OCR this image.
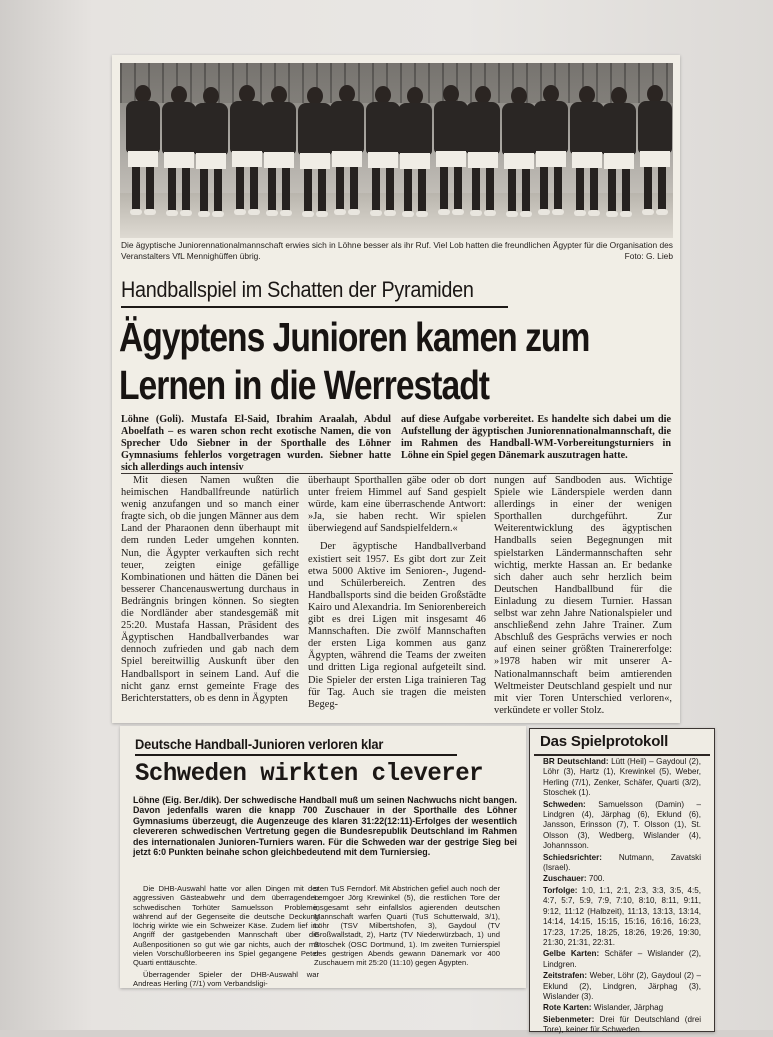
Die ägyptische Juniorennationalmannschaft erwies sich in Löhne besser als ihr Ruf. Viel Lob hatten die freundlichen Ägypter für die Organisation des Veranstalters VfL Mennighüffen übrig.	Foto: G. Lieb
Handballspiel im Schatten der Pyramiden
Ägyptens Junioren kamen zum
Lernen in die Werrestadt
Löhne (Goli). Mustafa El-Said, Ibrahim Araalah, Abdul Aboelfath – es waren schon recht exotische Namen, die von Sprecher Udo Siebner in der Sporthalle des Löhner Gymnasiums fehlerlos vorgetragen wurden. Siebner hatte sich allerdings auch intensiv
auf diese Aufgabe vorbereitet. Es handelte sich dabei um die Aufstellung der ägyptischen Juniorennationalmannschaft, die im Rahmen des Handball-WM-Vorbereitungsturniers in Löhne ein Spiel gegen Dänemark auszutragen hatte.

Mit diesen Namen wußten die heimischen Handballfreunde natürlich wenig anzufangen und so manch einer fragte sich, ob die jungen Männer aus dem Land der Pharaonen denn überhaupt mit dem runden Leder umgehen konnten. Nun, die Ägypter verkauften sich recht teuer, zeigten einige gefällige Kombinationen und hätten die Dänen bei besserer Chancenauswertung durchaus in Bedrängnis bringen können. So siegten die Nordländer aber standesgemäß mit 25:20. Mustafa Hassan, Präsident des Ägyptischen Handballverbandes war dennoch zufrieden und gab nach dem Spiel bereitwillig Auskunft über den Handballsport in seinem Land. Auf die nicht ganz ernst gemeinte Frage des Berichterstatters, ob es denn in Ägypten

überhaupt Sporthallen gäbe oder ob dort unter freiem Himmel auf Sand gespielt würde, kam eine überraschende Antwort: »Ja, sie haben recht. Wir spielen überwiegend auf Sandspielfeldern.«

Der ägyptische Handballverband existiert seit 1957. Es gibt dort zur Zeit etwa 5000 Aktive im Senioren-, Jugend- und Schülerbereich. Zentren des Handballsports sind die beiden Großstädte Kairo und Alexandria. Im Seniorenbereich gibt es drei Ligen mit insgesamt 46 Mannschaften. Die zwölf Mannschaften der ersten Liga kommen aus ganz Ägypten, während die Teams der zweiten und dritten Liga regional aufgeteilt sind. Die Spieler der ersten Liga trainieren Tag für Tag. Auch sie tragen die meisten Begeg-

nungen auf Sandboden aus. Wichtige Spiele wie Länderspiele werden dann allerdings in einer der wenigen Sporthallen durchgeführt. Zur Weiterentwicklung des ägyptischen Handballs seien Begegnungen mit spielstarken Ländermannschaften sehr wichtig, merkte Hassan an. Er bedanke sich daher auch sehr herzlich beim Deutschen Handballbund für die Einladung zu diesem Turnier. Hassan selbst war zehn Jahre Nationalspieler und anschließend zehn Jahre Trainer. Zum Abschluß des Gesprächs verwies er noch auf einen seiner größten Trainererfolge: »1978 haben wir mit unserer A-Nationalmannschaft beim amtierenden Weltmeister Deutschland gespielt und nur mit vier Toren Unterschied verloren«, verkündete er voller Stolz.

Deutsche Handball-Junioren verloren klar
Schweden wirkten cleverer
Löhne (Eig. Ber./dik). Der schwedische Handball muß um seinen Nachwuchs nicht bangen. Davon jedenfalls waren die knapp 700 Zuschauer in der Sporthalle des Löhner Gymnasiums überzeugt, die Augenzeuge des klaren 31:22(12:11)-Erfolges der wesentlich clevereren schwedischen Vertretung gegen die Bundesrepublik Deutschland im Rahmen des internationalen Junioren-Turniers waren. Für die Schweden war der gestrige Sieg bei jetzt 6:0 Punkten beinahe schon gleichbedeutend mit dem Turniersieg.

Die DHB-Auswahl hatte vor allen Dingen mit der aggressiven Gästeabwehr und dem überragenden schwedischen Torhüter Samuelsson Probleme, während auf der Gegenseite die deutsche Deckung löchrig wirkte wie ein Schweizer Käse. Zudem lief im Angriff der gastgebenden Mannschaft über die Außenpositionen so gut wie gar nichts, auch der mit vielen Vorschußlorbeeren ins Spiel gegangene Peter Quarti enttäuschte.

Überragender Spieler der DHB-Auswahl war Andreas Herling (7/1) vom Verbandsligi-

sten TuS Ferndorf. Mit Abstrichen gefiel auch noch der Lemgoer Jörg Krewinkel (5), die restlichen Tore der insgesamt sehr einfallslos agierenden deutschen Mannschaft warfen Quarti (TuS Schutterwald, 3/1), Löhr (TSV Milbertshofen, 3), Gaydoul (TV Großwallstadt, 2), Hartz (TV Niederwürzbach, 1) und Stoschek (OSC Dortmund, 1). Im zweiten Turnierspiel des gestrigen Abends gewann Dänemark vor 400 Zuschauern mit 25:20 (11:10) gegen Ägypten.

Das Spielprotokoll

BR Deutschland: Lütt (Heil) – Gaydoul (2), Löhr (3), Hartz (1), Krewinkel (5), Weber, Herling (7/1), Zenker, Schäfer, Quarti (3/2), Stoschek (1).

Schweden: Samuelsson (Damin) – Lindgren (4), Järphag (6), Eklund (6), Jansson, Erinsson (7), T. Olsson (1), St. Olsson (3), Wedberg, Wislander (4), Johannsson.

Schiedsrichter: Nutmann, Zavatski (Israel).

Zuschauer: 700.

Torfolge: 1:0, 1:1, 2:1, 2:3, 3:3, 3:5, 4:5, 4:7, 5:7, 5:9, 7:9, 7:10, 8:10, 8:11, 9:11, 9:12, 11:12 (Halbzeit), 11:13, 13:13, 13:14, 14:14, 14:15, 15:15, 15:16, 16:16, 16:23, 17:23, 17:25, 18:25, 18:26, 19:26, 19:30, 21:30, 21:31, 22:31.

Gelbe Karten: Schäfer – Wislander (2), Lindgren.

Zeitstrafen: Weber, Löhr (2), Gaydoul (2) – Eklund (2), Lindgren, Järphag (3), Wislander (3).

Rote Karten: Wislander, Järphag

Siebenmeter: Drei für Deutschland (drei Tore), keiner für Schweden.
